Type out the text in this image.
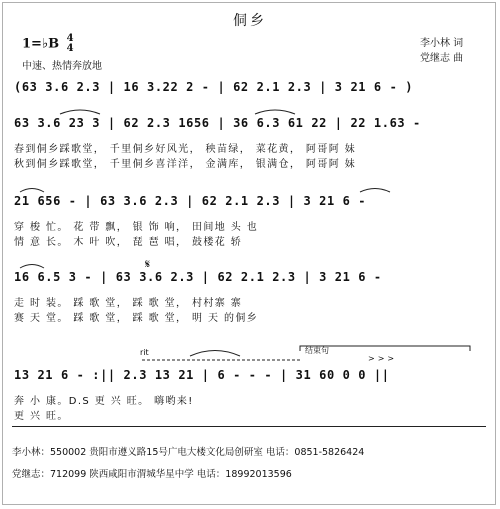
侗乡
李小林 词
党继志 曲
1=♭B 4
4
中速、热情奔放地
(63 3.6 2.3 | 16 3.22 2 - | 62 2.1 2.3 | 3 21 6 - )
63 3.6 23 3 | 62 2.3 1656 | 36 6.3 61 22 | 22 1.63 -
春到侗乡踩歌堂， 千里侗乡好风光， 秧苗绿， 菜花黄， 阿哥阿 妹
秋到侗乡踩歌堂， 千里侗乡喜洋洋， 金满库， 银满仓， 阿哥阿 妹
21 656 - | 63 3.6 2.3 | 62 2.1 2.3 | 3 21 6 -
穿 梭 忙。 花 带 飘， 银 饰 响， 田间地 头 也
情 意 长。 木 叶 吹， 琵 琶 唱， 鼓楼花 轿
𝄋
16 6.5 3 - | 63 3.6 2.3 | 62 2.1 2.3 | 3 21 6 -
走 时 装。 踩 歌 堂， 踩 歌 堂， 村村寨 寨
赛 天 堂。 踩 歌 堂， 踩 歌 堂， 明 天 的侗乡
rit	结束句
>>>
13 21 6 - :|| 2.3 13 21 | 6 - - - | 31 60 0 0 ||
奔 小 康。D.S 更 兴 旺。 嗨哟来!
更 兴 旺。
李小林：550002 贵阳市遵义路15号广电大楼文化局创研室 电话：0851-5826424
党继志：712099 陕西咸阳市渭城华星中学 电话：18992013596
